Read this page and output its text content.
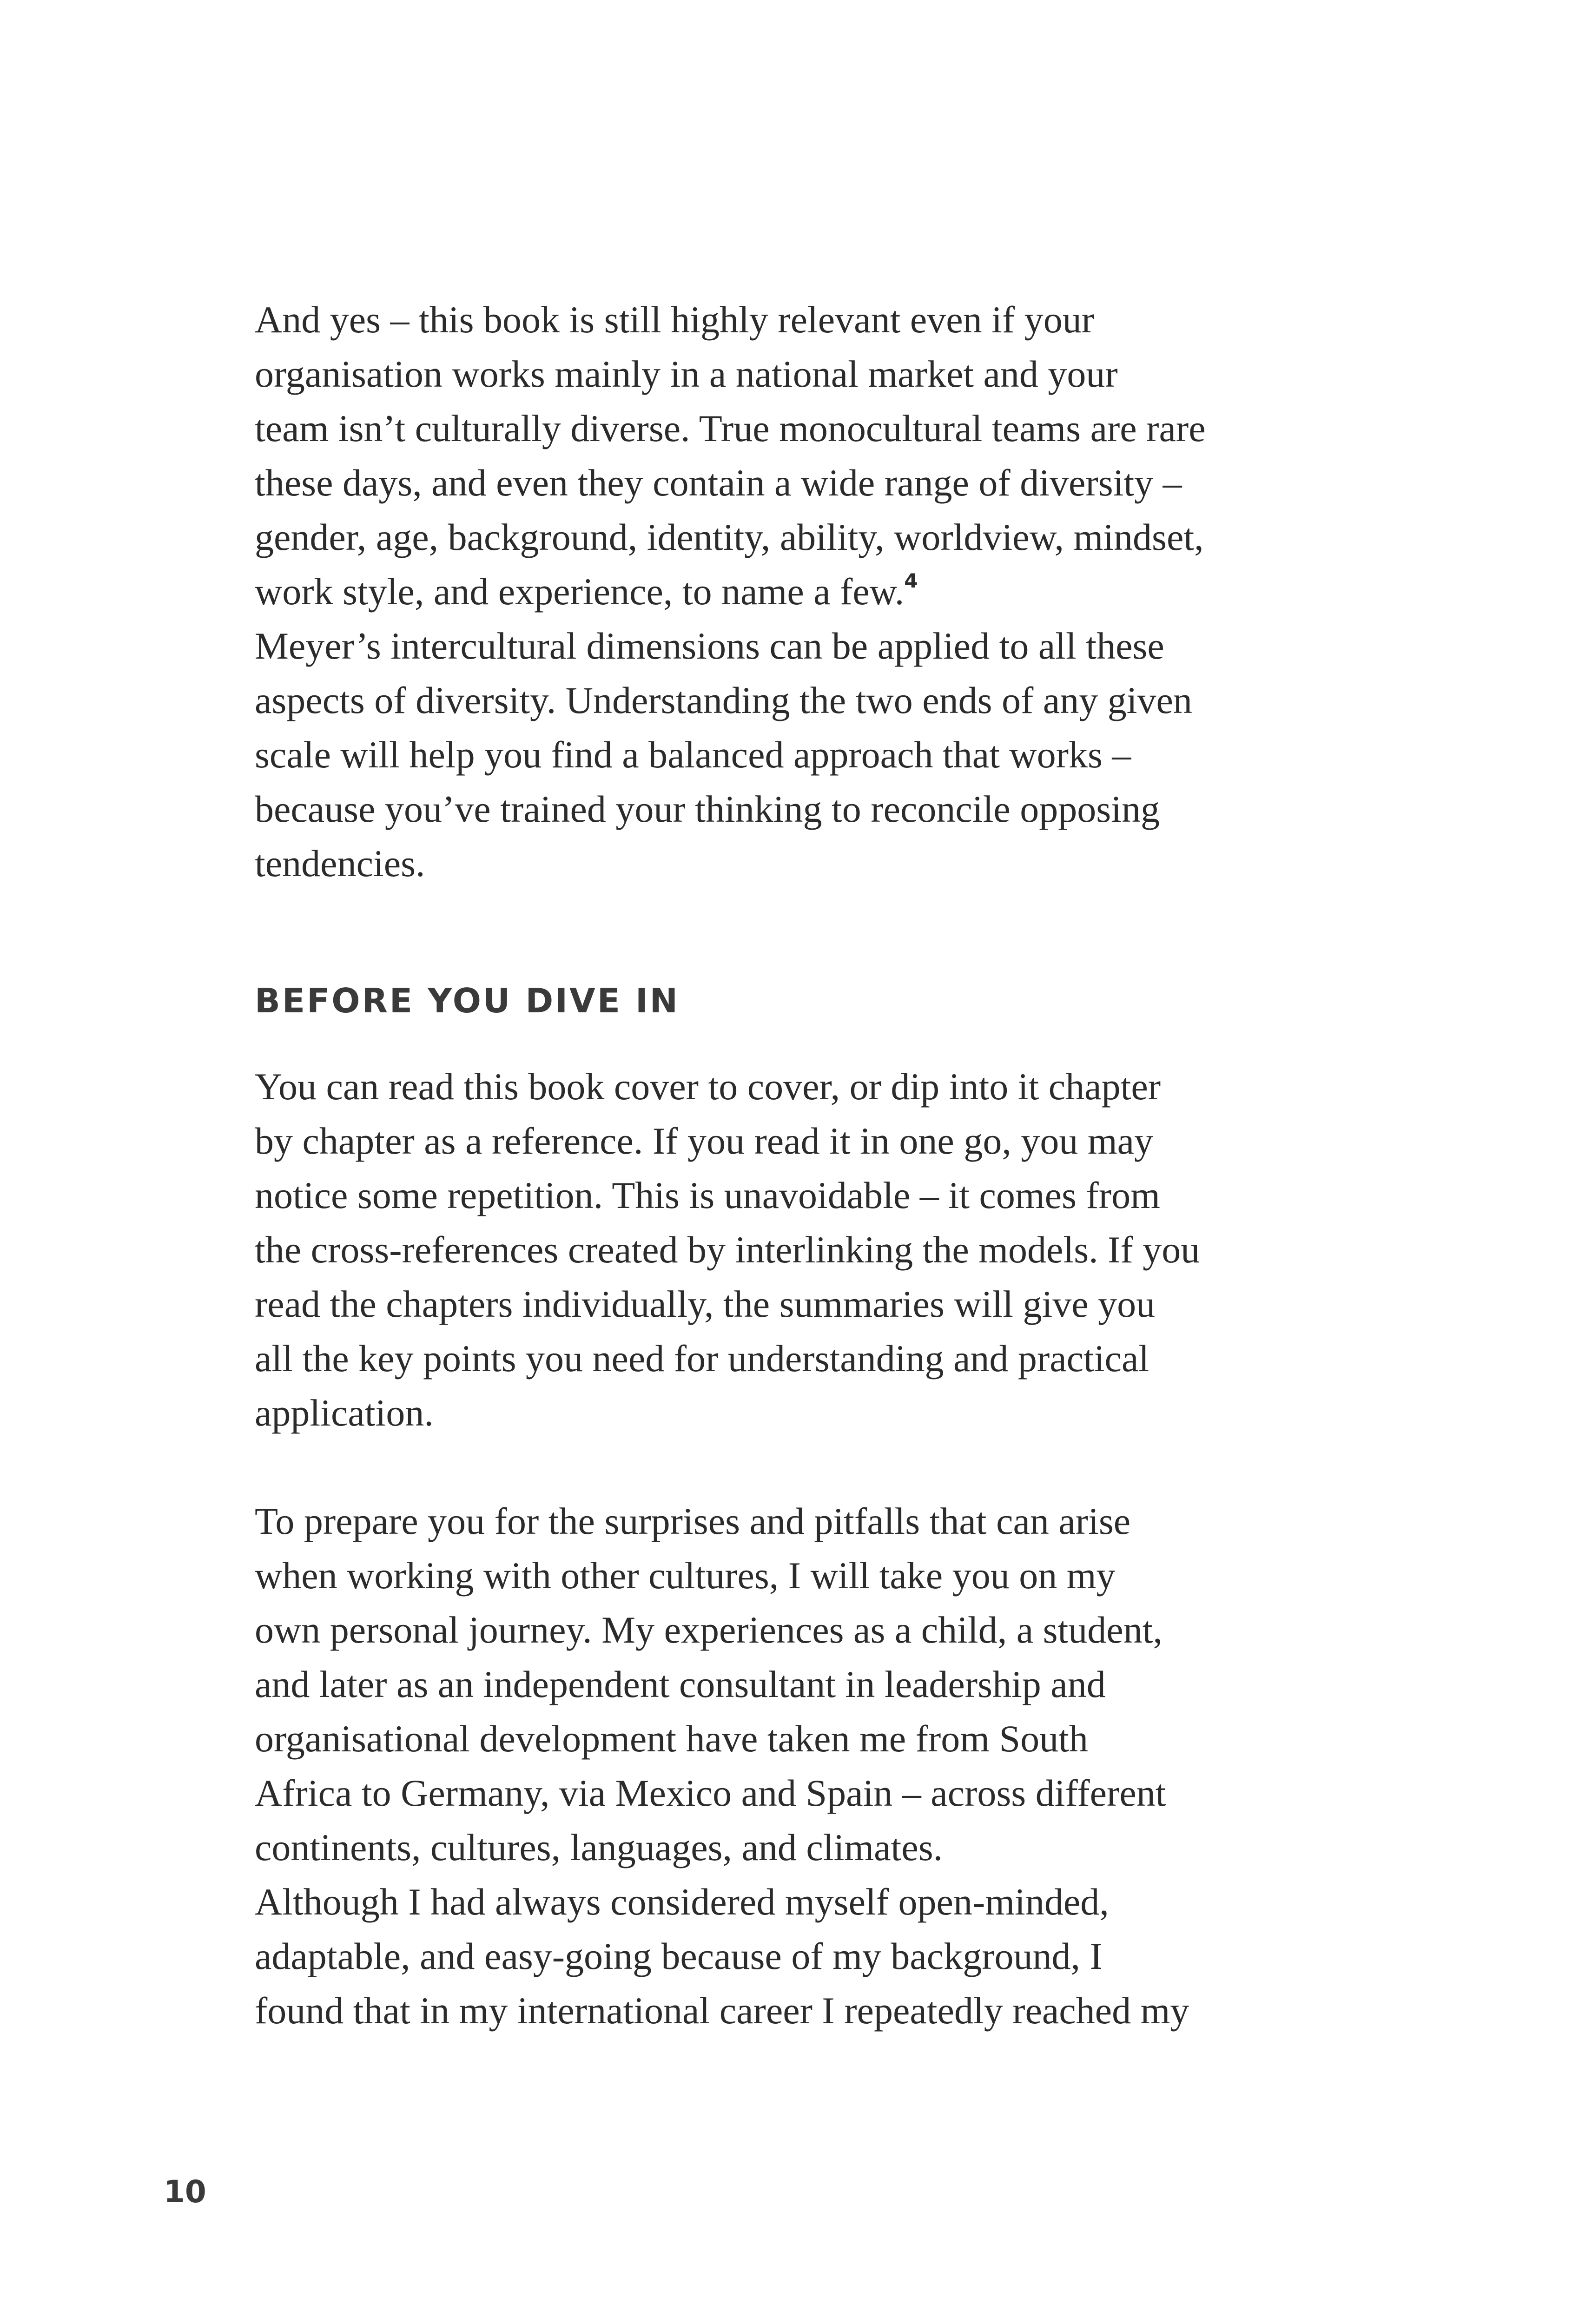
And yes – this book is still highly relevant even if your

organisation works mainly in a national market and your

team isn’t culturally diverse. True monocultural teams are rare

these days, and even they contain a wide range of diversity –

gender, age, background, identity, ability, worldview, mindset,

work style, and experience, to name a few.$^4$

Meyer’s intercultural dimensions can be applied to all these

aspects of diversity. Understanding the two ends of any given

scale will help you find a balanced approach that works –

because you’ve trained your thinking to reconcile opposing

tendencies.

BEFORE YOU DIVE IN

You can read this book cover to cover, or dip into it chapter

by chapter as a reference. If you read it in one go, you may

notice some repetition. This is unavoidable – it comes from

the cross-references created by interlinking the models. If you

read the chapters individually, the summaries will give you

all the key points you need for understanding and practical

application.

To prepare you for the surprises and pitfalls that can arise

when working with other cultures, I will take you on my

own personal journey. My experiences as a child, a student,

and later as an independent consultant in leadership and

organisational development have taken me from South

Africa to Germany, via Mexico and Spain – across different

continents, cultures, languages, and climates.

Although I had always considered myself open-minded,

adaptable, and easy-going because of my background, I

found that in my international career I repeatedly reached my

10
